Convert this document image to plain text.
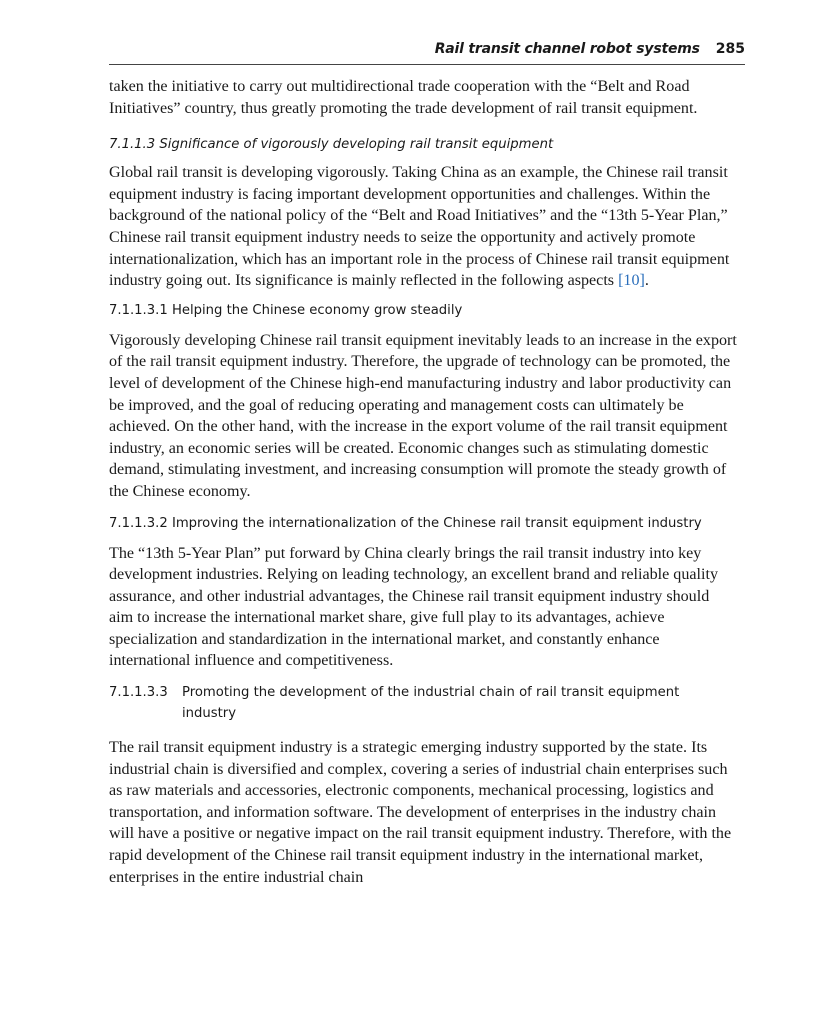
Rail transit channel robot systems 285

taken the initiative to carry out multidirectional trade cooperation with the “Belt and Road Initiatives” country, thus greatly promoting the trade development of rail transit equipment.

7.1.1.3 Significance of vigorously developing rail transit equipment

Global rail transit is developing vigorously. Taking China as an example, the Chinese rail transit equipment industry is facing important development opportunities and challenges. Within the background of the national policy of the “Belt and Road Initiatives” and the “13th 5-Year Plan,” Chinese rail transit equipment industry needs to seize the opportunity and actively promote internationalization, which has an important role in the process of Chinese rail transit equipment industry going out. Its significance is mainly reflected in the following aspects [10].

7.1.1.3.1 Helping the Chinese economy grow steadily

Vigorously developing Chinese rail transit equipment inevitably leads to an increase in the export of the rail transit equipment industry. Therefore, the upgrade of technology can be promoted, the level of development of the Chinese high-end manufacturing industry and labor productivity can be improved, and the goal of reducing operating and management costs can ultimately be achieved. On the other hand, with the increase in the export volume of the rail transit equipment industry, an economic series will be created. Economic changes such as stimulating domestic demand, stimulating investment, and increasing consumption will promote the steady growth of the Chinese economy.

7.1.1.3.2 Improving the internationalization of the Chinese rail transit equipment industry

The “13th 5-Year Plan” put forward by China clearly brings the rail transit industry into key development industries. Relying on leading technology, an excellent brand and reliable quality assurance, and other industrial advantages, the Chinese rail transit equipment industry should aim to increase the international market share, give full play to its advantages, achieve specialization and standardization in the international market, and constantly enhance international influence and competitiveness.

7.1.1.3.3	Promoting the development of the industrial chain of rail transit equipment industry

The rail transit equipment industry is a strategic emerging industry supported by the state. Its industrial chain is diversified and complex, covering a series of industrial chain enterprises such as raw materials and accessories, electronic components, mechanical processing, logistics and transportation, and information software. The development of enterprises in the industry chain will have a positive or negative impact on the rail transit equipment industry. Therefore, with the rapid development of the Chinese rail transit equipment industry in the international market, enterprises in the entire industrial chain
